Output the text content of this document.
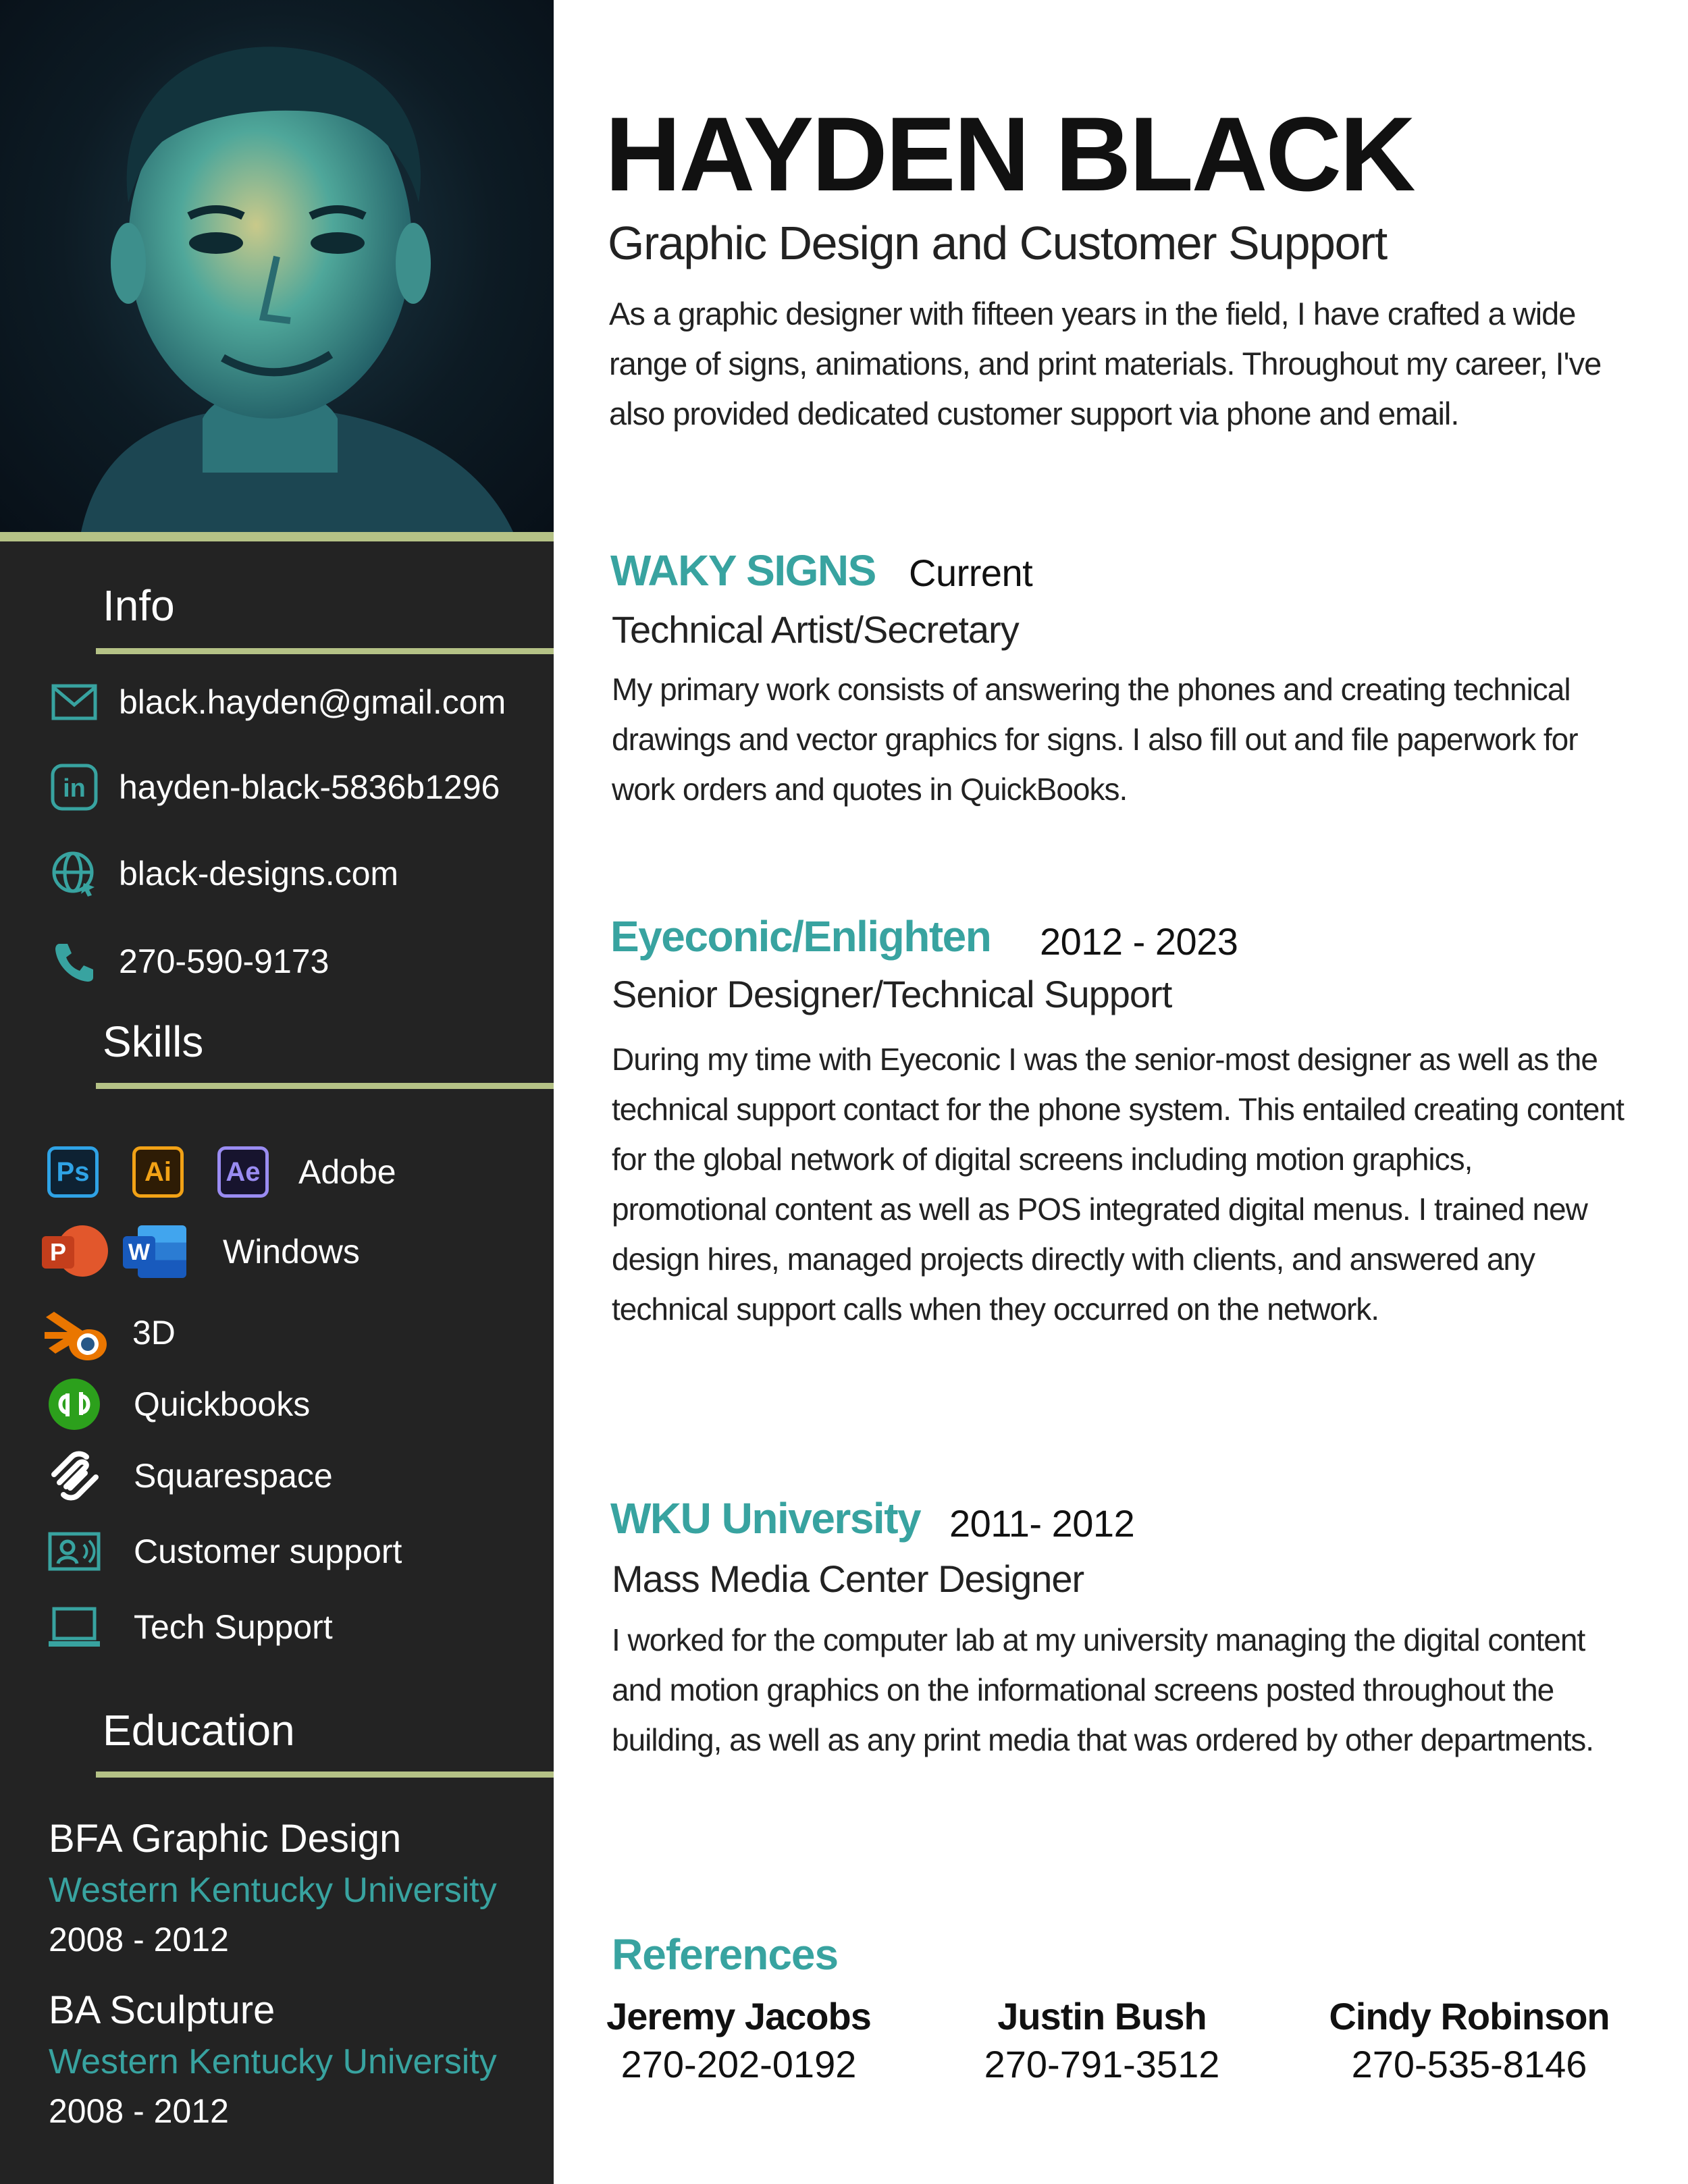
Info
black.hayden@gmail.com
in hayden-black-5836b1296
black-designs.com
270-590-9173
Skills
Ps	Ai	Ae Adobe
P	W Windows
3D
Quickbooks
Squarespace
Customer support
Tech Support
Education
BFA Graphic Design
Western Kentucky University
2008 - 2012
BA Sculpture
Western Kentucky University
2008 - 2012
HAYDEN BLACK
Graphic Design and Customer Support
As a graphic designer with fifteen years in the field, I have crafted a wide range of signs, animations, and print materials. Throughout my career, I've also provided dedicated customer support via phone and email.
WAKY SIGNS Current
Technical Artist/Secretary
My primary work consists of answering the phones and creating technical drawings and vector graphics for signs. I also fill out and file paperwork for work orders and quotes in QuickBooks.
Eyeconic/Enlighten 2012 - 2023
Senior Designer/Technical Support
During my time with Eyeconic I was the senior-most designer as well as the technical support contact for the phone system. This entailed creating content for the global network of digital screens including motion graphics, promotional content as well as POS integrated digital menus. I trained new design hires, managed projects directly with clients, and answered any technical support calls when they occurred on the network.
WKU University 2011- 2012
Mass Media Center Designer
I worked for the computer lab at my university managing the digital content and motion graphics on the informational screens posted throughout the building, as well as any print media that was ordered by other departments.
References
Jeremy Jacobs
270-202-0192
Justin Bush
270-791-3512
Cindy Robinson
270-535-8146
